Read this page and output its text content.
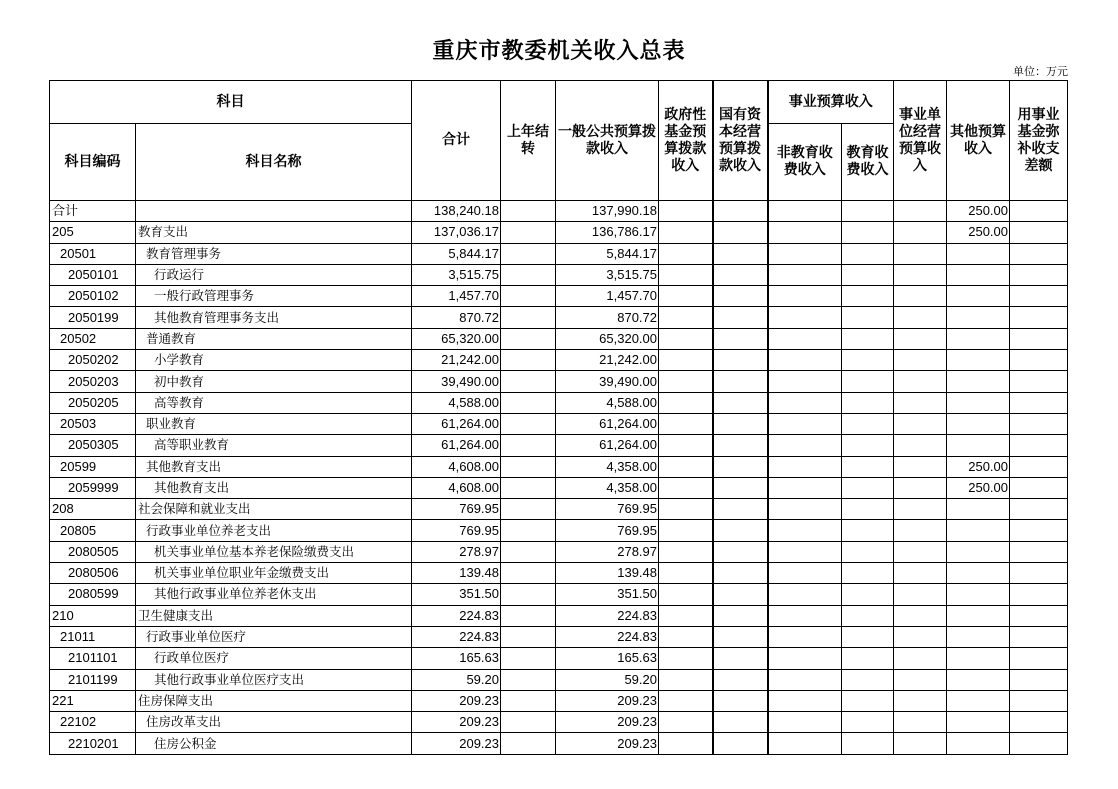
重庆市教委机关收入总表
单位：万元
科目		合计	上年结转	一般公共预算拨款收入	政府性基金预算拨款收入	国有资本经营预算拨款收入	事业预算收入		事业单位经营预算收入	其他预算收入	用事业基金弥补收支差额
科目编码	科目名称						非教育收费收入	教育收费收入			
合计		138,240.18		137,990.18						250.00	
205	教育支出	137,036.17		136,786.17						250.00	
20501	教育管理事务	5,844.17		5,844.17							
2050101	行政运行	3,515.75		3,515.75							
2050102	一般行政管理事务	1,457.70		1,457.70							
2050199	其他教育管理事务支出	870.72		870.72							
20502	普通教育	65,320.00		65,320.00							
2050202	小学教育	21,242.00		21,242.00							
2050203	初中教育	39,490.00		39,490.00							
2050205	高等教育	4,588.00		4,588.00							
20503	职业教育	61,264.00		61,264.00							
2050305	高等职业教育	61,264.00		61,264.00							
20599	其他教育支出	4,608.00		4,358.00						250.00	
2059999	其他教育支出	4,608.00		4,358.00						250.00	
208	社会保障和就业支出	769.95		769.95							
20805	行政事业单位养老支出	769.95		769.95							
2080505	机关事业单位基本养老保险缴费支出	278.97		278.97							
2080506	机关事业单位职业年金缴费支出	139.48		139.48							
2080599	其他行政事业单位养老休支出	351.50		351.50							
210	卫生健康支出	224.83		224.83							
21011	行政事业单位医疗	224.83		224.83							
2101101	行政单位医疗	165.63		165.63							
2101199	其他行政事业单位医疗支出	59.20		59.20							
221	住房保障支出	209.23		209.23							
22102	住房改革支出	209.23		209.23							
2210201	住房公积金	209.23		209.23							
